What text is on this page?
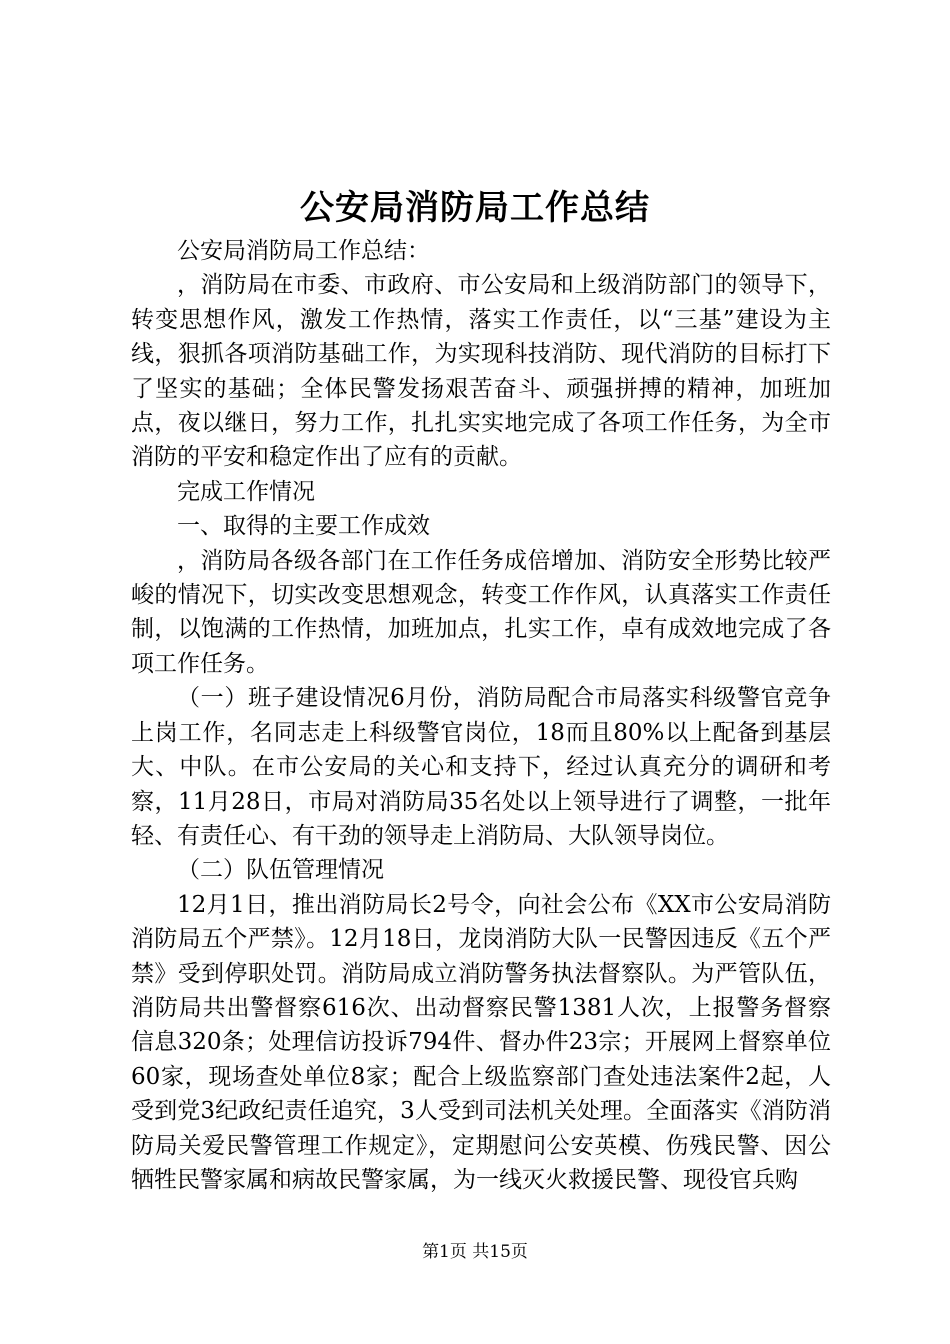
公安局消防局工作总结

公安局消防局工作总结：

，消防局在市委、市政府、市公安局和上级消防部门的领导下，转变思想作风，激发工作热情，落实工作责任，以“三基”建设为主线，狠抓各项消防基础工作，为实现科技消防、现代消防的目标打下了坚实的基础；全体民警发扬艰苦奋斗、顽强拼搏的精神，加班加点，夜以继日，努力工作，扎扎实实地完成了各项工作任务，为全市消防的平安和稳定作出了应有的贡献。

完成工作情况

一、取得的主要工作成效

，消防局各级各部门在工作任务成倍增加、消防安全形势比较严峻的情况下，切实改变思想观念，转变工作作风，认真落实工作责任制，以饱满的工作热情，加班加点，扎实工作，卓有成效地完成了各项工作任务。

（一）班子建设情况6月份，消防局配合市局落实科级警官竞争上岗工作，名同志走上科级警官岗位，18而且80%以上配备到基层大、中队。在市公安局的关心和支持下，经过认真充分的调研和考察，11月28日，市局对消防局35名处以上领导进行了调整，一批年轻、有责任心、有干劲的领导走上消防局、大队领导岗位。

（二）队伍管理情况

12月1日，推出消防局长2号令，向社会公布《XX市公安局消防消防局五个严禁》。12月18日，龙岗消防大队一民警因违反《五个严禁》受到停职处罚。消防局成立消防警务执法督察队。为严管队伍，消防局共出警督察616次、出动督察民警1381人次，上报警务督察信息320条；处理信访投诉794件、督办件23宗；开展网上督察单位60家，现场查处单位8家；配合上级监察部门查处违法案件2起，人受到党3纪政纪责任追究，3人受到司法机关处理。全面落实《消防消防局关爱民警管理工作规定》，定期慰问公安英模、伤残民警、因公牺牲民警家属和病故民警家属，为一线灭火救援民警、现役官兵购

第1页 共15页
